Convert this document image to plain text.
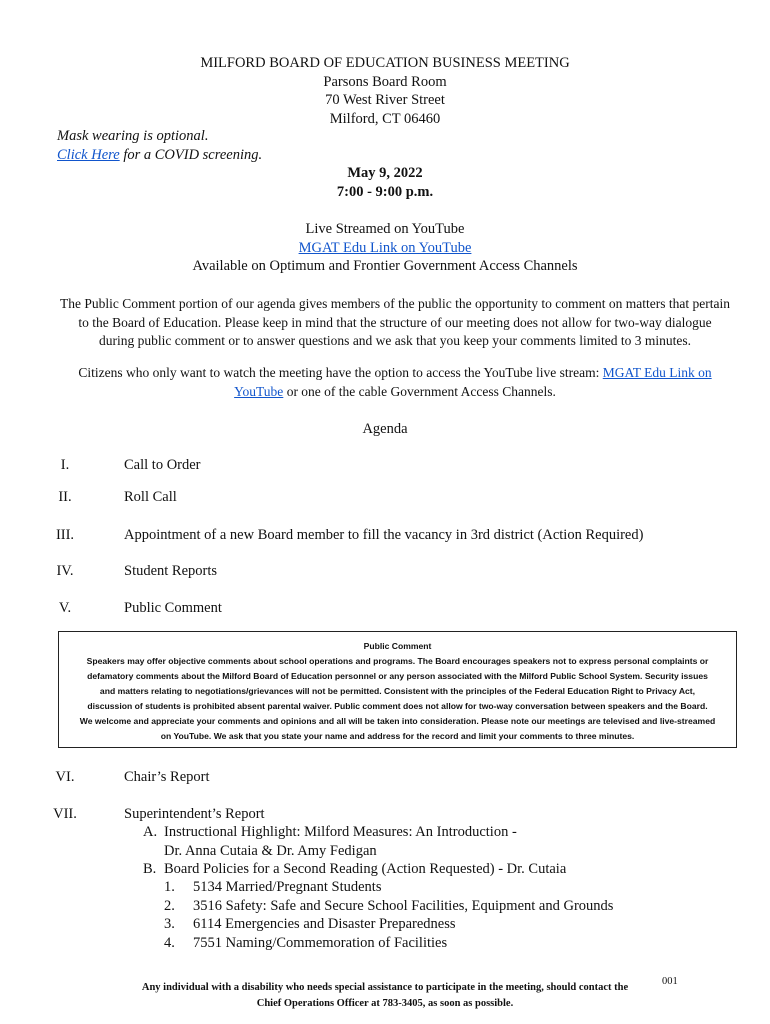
MILFORD BOARD OF EDUCATION BUSINESS MEETING
Parsons Board Room
70 West River Street
Milford, CT 06460
Mask wearing is optional.
Click Here for a COVID screening.
May 9, 2022
7:00 - 9:00 p.m.
Live Streamed on YouTube
MGAT Edu Link on YouTube
Available on Optimum and Frontier Government Access Channels
The Public Comment portion of our agenda gives members of the public the opportunity to comment on matters that pertain to the Board of Education. Please keep in mind that the structure of our meeting does not allow for two-way dialogue during public comment or to answer questions and we ask that you keep your comments limited to 3 minutes.
Citizens who only want to watch the meeting have the option to access the YouTube live stream: MGAT Edu Link on YouTube or one of the cable Government Access Channels.
Agenda
I.	Call to Order
II.	Roll Call
III.	Appointment of a new Board member to fill the vacancy in 3rd district (Action Required)
IV.	Student Reports
V.	Public Comment
Public Comment
Speakers may offer objective comments about school operations and programs. The Board encourages speakers not to express personal complaints or
defamatory comments about the Milford Board of Education personnel or any person associated with the Milford Public School System. Security issues
and matters relating to negotiations/grievances will not be permitted. Consistent with the principles of the Federal Education Right to Privacy Act,
discussion of students is prohibited absent parental waiver. Public comment does not allow for two-way conversation between speakers and the Board.
We welcome and appreciate your comments and opinions and all will be taken into consideration. Please note our meetings are televised and live-streamed
on YouTube. We ask that you state your name and address for the record and limit your comments to three minutes.
VI.	Chair’s Report
VII.	Superintendent’s Report
A. Instructional Highlight: Milford Measures: An Introduction -
Dr. Anna Cutaia & Dr. Amy Fedigan
B. Board Policies for a Second Reading (Action Requested) - Dr. Cutaia
1. 5134 Married/Pregnant Students
2. 3516 Safety: Safe and Secure School Facilities, Equipment and Grounds
3. 6114 Emergencies and Disaster Preparedness
4. 7551 Naming/Commemoration of Facilities
Any individual with a disability who needs special assistance to participate in the meeting, should contact the
Chief Operations Officer at 783-3405, as soon as possible.
001
